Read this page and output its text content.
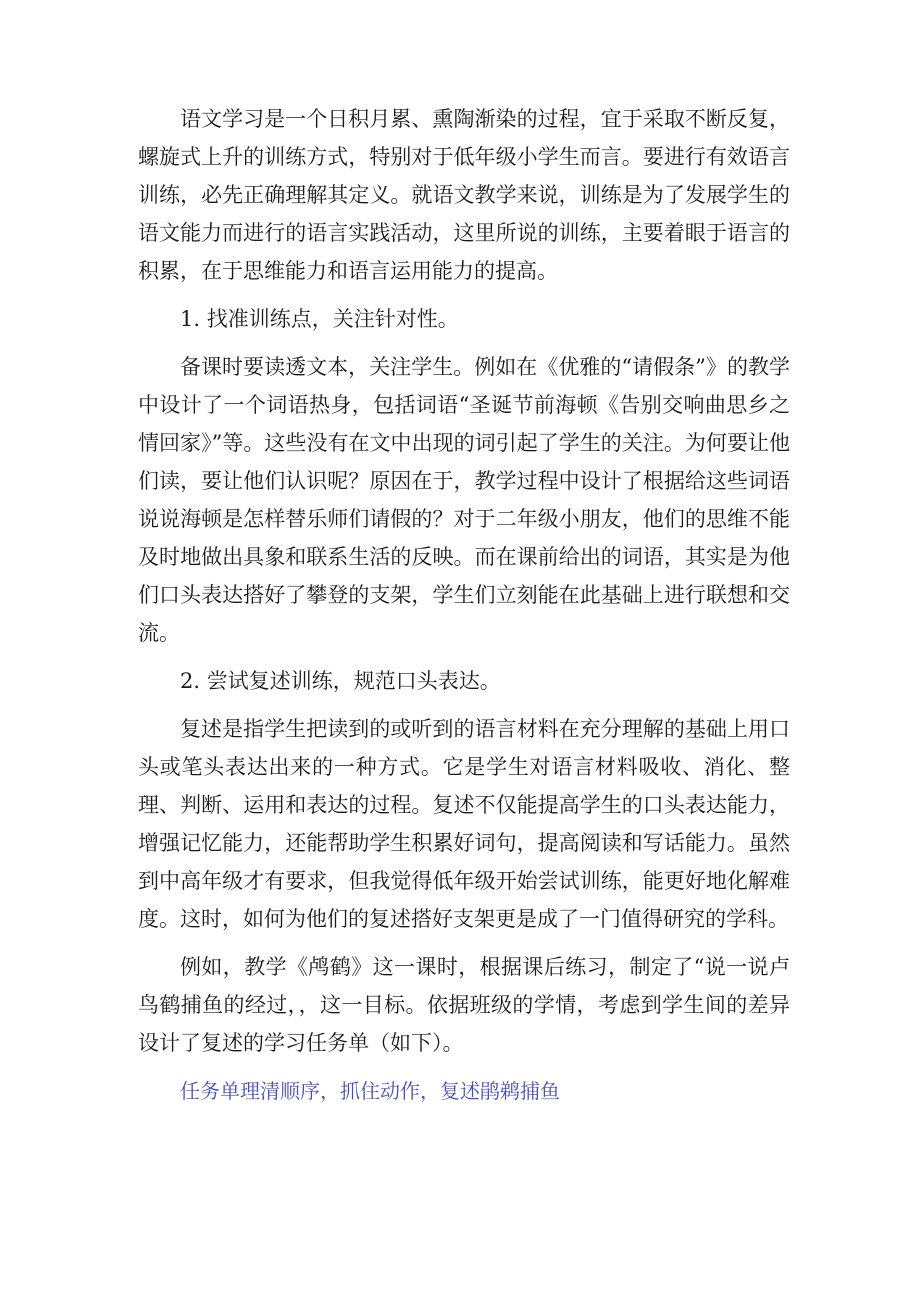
语文学习是一个日积月累、熏陶渐染的过程，宜于采取不断反复，螺旋式上升的训练方式，特别对于低年级小学生而言。要进行有效语言训练，必先正确理解其定义。就语文教学来说，训练是为了发展学生的语文能力而进行的语言实践活动，这里所说的训练，主要着眼于语言的积累，在于思维能力和语言运用能力的提高。

1. 找准训练点，关注针对性。

备课时要读透文本，关注学生。例如在《优雅的“请假条”》的教学中设计了一个词语热身，包括词语“圣诞节前海顿《告别交响曲思乡之情回家》”等。这些没有在文中出现的词引起了学生的关注。为何要让他们读，要让他们认识呢？原因在于，教学过程中设计了根据给这些词语说说海顿是怎样替乐师们请假的？对于二年级小朋友，他们的思维不能及时地做出具象和联系生活的反映。而在课前给出的词语，其实是为他们口头表达搭好了攀登的支架，学生们立刻能在此基础上进行联想和交流。

2. 尝试复述训练，规范口头表达。

复述是指学生把读到的或听到的语言材料在充分理解的基础上用口头或笔头表达出来的一种方式。它是学生对语言材料吸收、消化、整理、判断、运用和表达的过程。复述不仅能提高学生的口头表达能力，增强记忆能力，还能帮助学生积累好词句，提高阅读和写话能力。虽然到中高年级才有要求，但我觉得低年级开始尝试训练，能更好地化解难度。这时，如何为他们的复述搭好支架更是成了一门值得研究的学科。

例如，教学《鸬鹤》这一课时，根据课后练习，制定了“说一说卢鸟鹤捕鱼的经过，，这一目标。依据班级的学情，考虑到学生间的差异设计了复述的学习任务单（如下）。

任务单理清顺序，抓住动作，复述鹃鹈捕鱼
